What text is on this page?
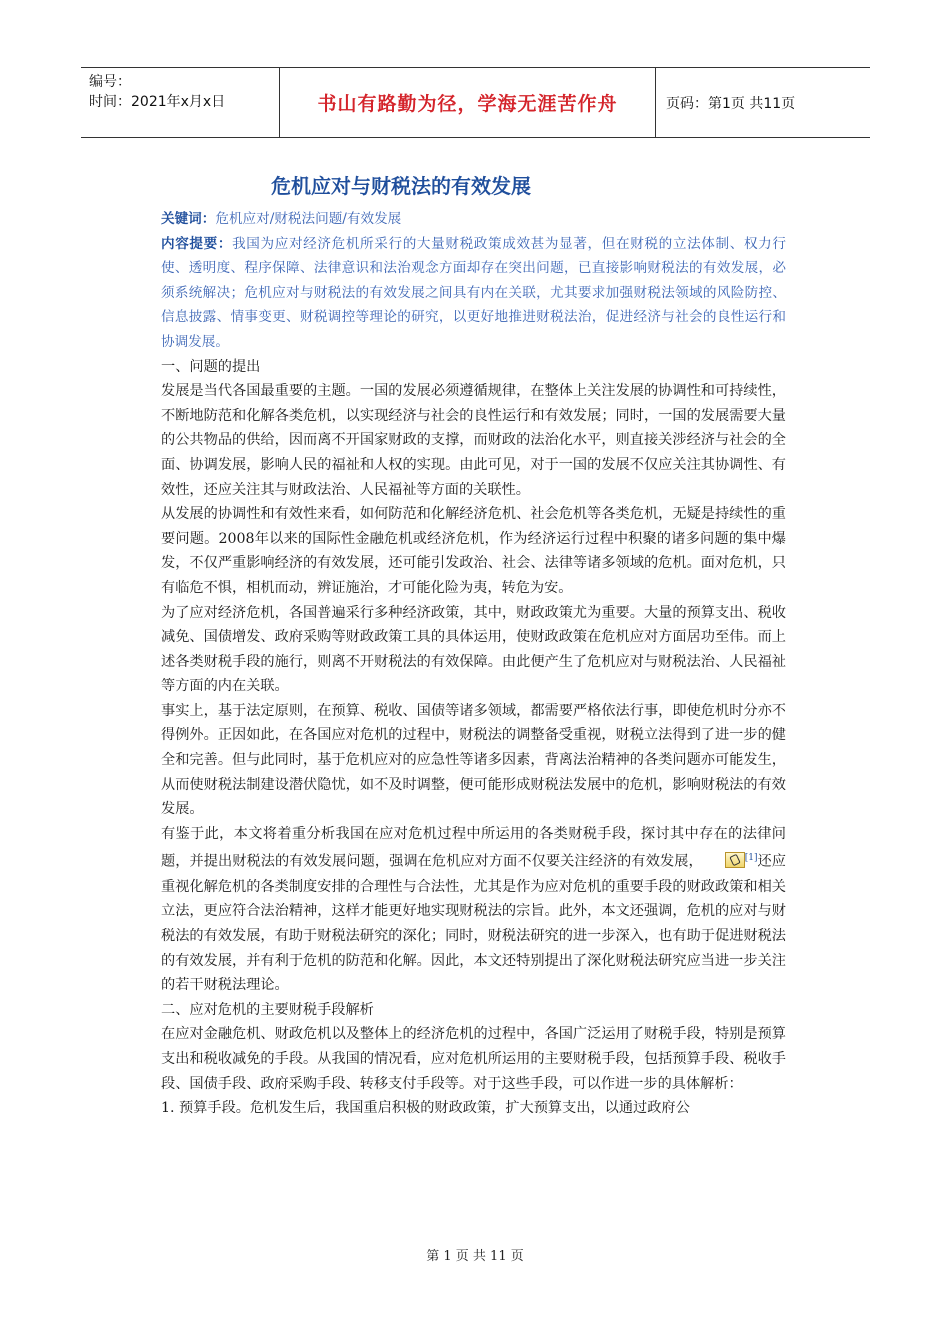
编号：
时间：2021年x月x日	书山有路勤为径，学海无涯苦作舟	页码：第1页 共11页
危机应对与财税法的有效发展
关键词：危机应对/财税法问题/有效发展
内容提要：我国为应对经济危机所采行的大量财税政策成效甚为显著，但在财税的立法体制、权力行使、透明度、程序保障、法律意识和法治观念方面却存在突出问题，已直接影响财税法的有效发展，必须系统解决；危机应对与财税法的有效发展之间具有内在关联，尤其要求加强财税法领域的风险防控、信息披露、情事变更、财税调控等理论的研究，以更好地推进财税法治，促进经济与社会的良性运行和协调发展。

一、问题的提出

发展是当代各国最重要的主题。一国的发展必须遵循规律，在整体上关注发展的协调性和可持续性，不断地防范和化解各类危机，以实现经济与社会的良性运行和有效发展；同时，一国的发展需要大量的公共物品的供给，因而离不开国家财政的支撑，而财政的法治化水平，则直接关涉经济与社会的全面、协调发展，影响人民的福祉和人权的实现。由此可见，对于一国的发展不仅应关注其协调性、有效性，还应关注其与财政法治、人民福祉等方面的关联性。

从发展的协调性和有效性来看，如何防范和化解经济危机、社会危机等各类危机，无疑是持续性的重要问题。2008年以来的国际性金融危机或经济危机，作为经济运行过程中积聚的诸多问题的集中爆发，不仅严重影响经济的有效发展，还可能引发政治、社会、法律等诸多领域的危机。面对危机，只有临危不惧，相机而动，辨证施治，才可能化险为夷，转危为安。

为了应对经济危机，各国普遍采行多种经济政策，其中，财政政策尤为重要。大量的预算支出、税收减免、国债增发、政府采购等财政政策工具的具体运用，使财政政策在危机应对方面居功至伟。而上述各类财税手段的施行，则离不开财税法的有效保障。由此便产生了危机应对与财税法治、人民福祉等方面的内在关联。

事实上，基于法定原则，在预算、税收、国债等诸多领域，都需要严格依法行事，即使危机时分亦不得例外。正因如此，在各国应对危机的过程中，财税法的调整备受重视，财税立法得到了进一步的健全和完善。但与此同时，基于危机应对的应急性等诸多因素，背离法治精神的各类问题亦可能发生，从而使财税法制建设潜伏隐忧，如不及时调整，便可能形成财税法发展中的危机，影响财税法的有效发展。

有鉴于此，本文将着重分析我国在应对危机过程中所运用的各类财税手段，探讨其中存在的法律问题，并提出财税法的有效发展问题，强调在危机应对方面不仅要关注经济的有效发展，	[1]还应重视化解危机的各类制度安排的合理性与合法性，尤其是作为应对危机的重要手段的财政政策和相关立法，更应符合法治精神，这样才能更好地实现财税法的宗旨。此外，本文还强调，危机的应对与财税法的有效发展，有助于财税法研究的深化；同时，财税法研究的进一步深入，也有助于促进财税法的有效发展，并有利于危机的防范和化解。因此，本文还特别提出了深化财税法研究应当进一步关注的若干财税法理论。

二、应对危机的主要财税手段解析

在应对金融危机、财政危机以及整体上的经济危机的过程中，各国广泛运用了财税手段，特别是预算支出和税收减免的手段。从我国的情况看，应对危机所运用的主要财税手段，包括预算手段、税收手段、国债手段、政府采购手段、转移支付手段等。对于这些手段，可以作进一步的具体解析：

1. 预算手段。危机发生后，我国重启积极的财政政策，扩大预算支出，以通过政府公

第 1 页 共 11 页
